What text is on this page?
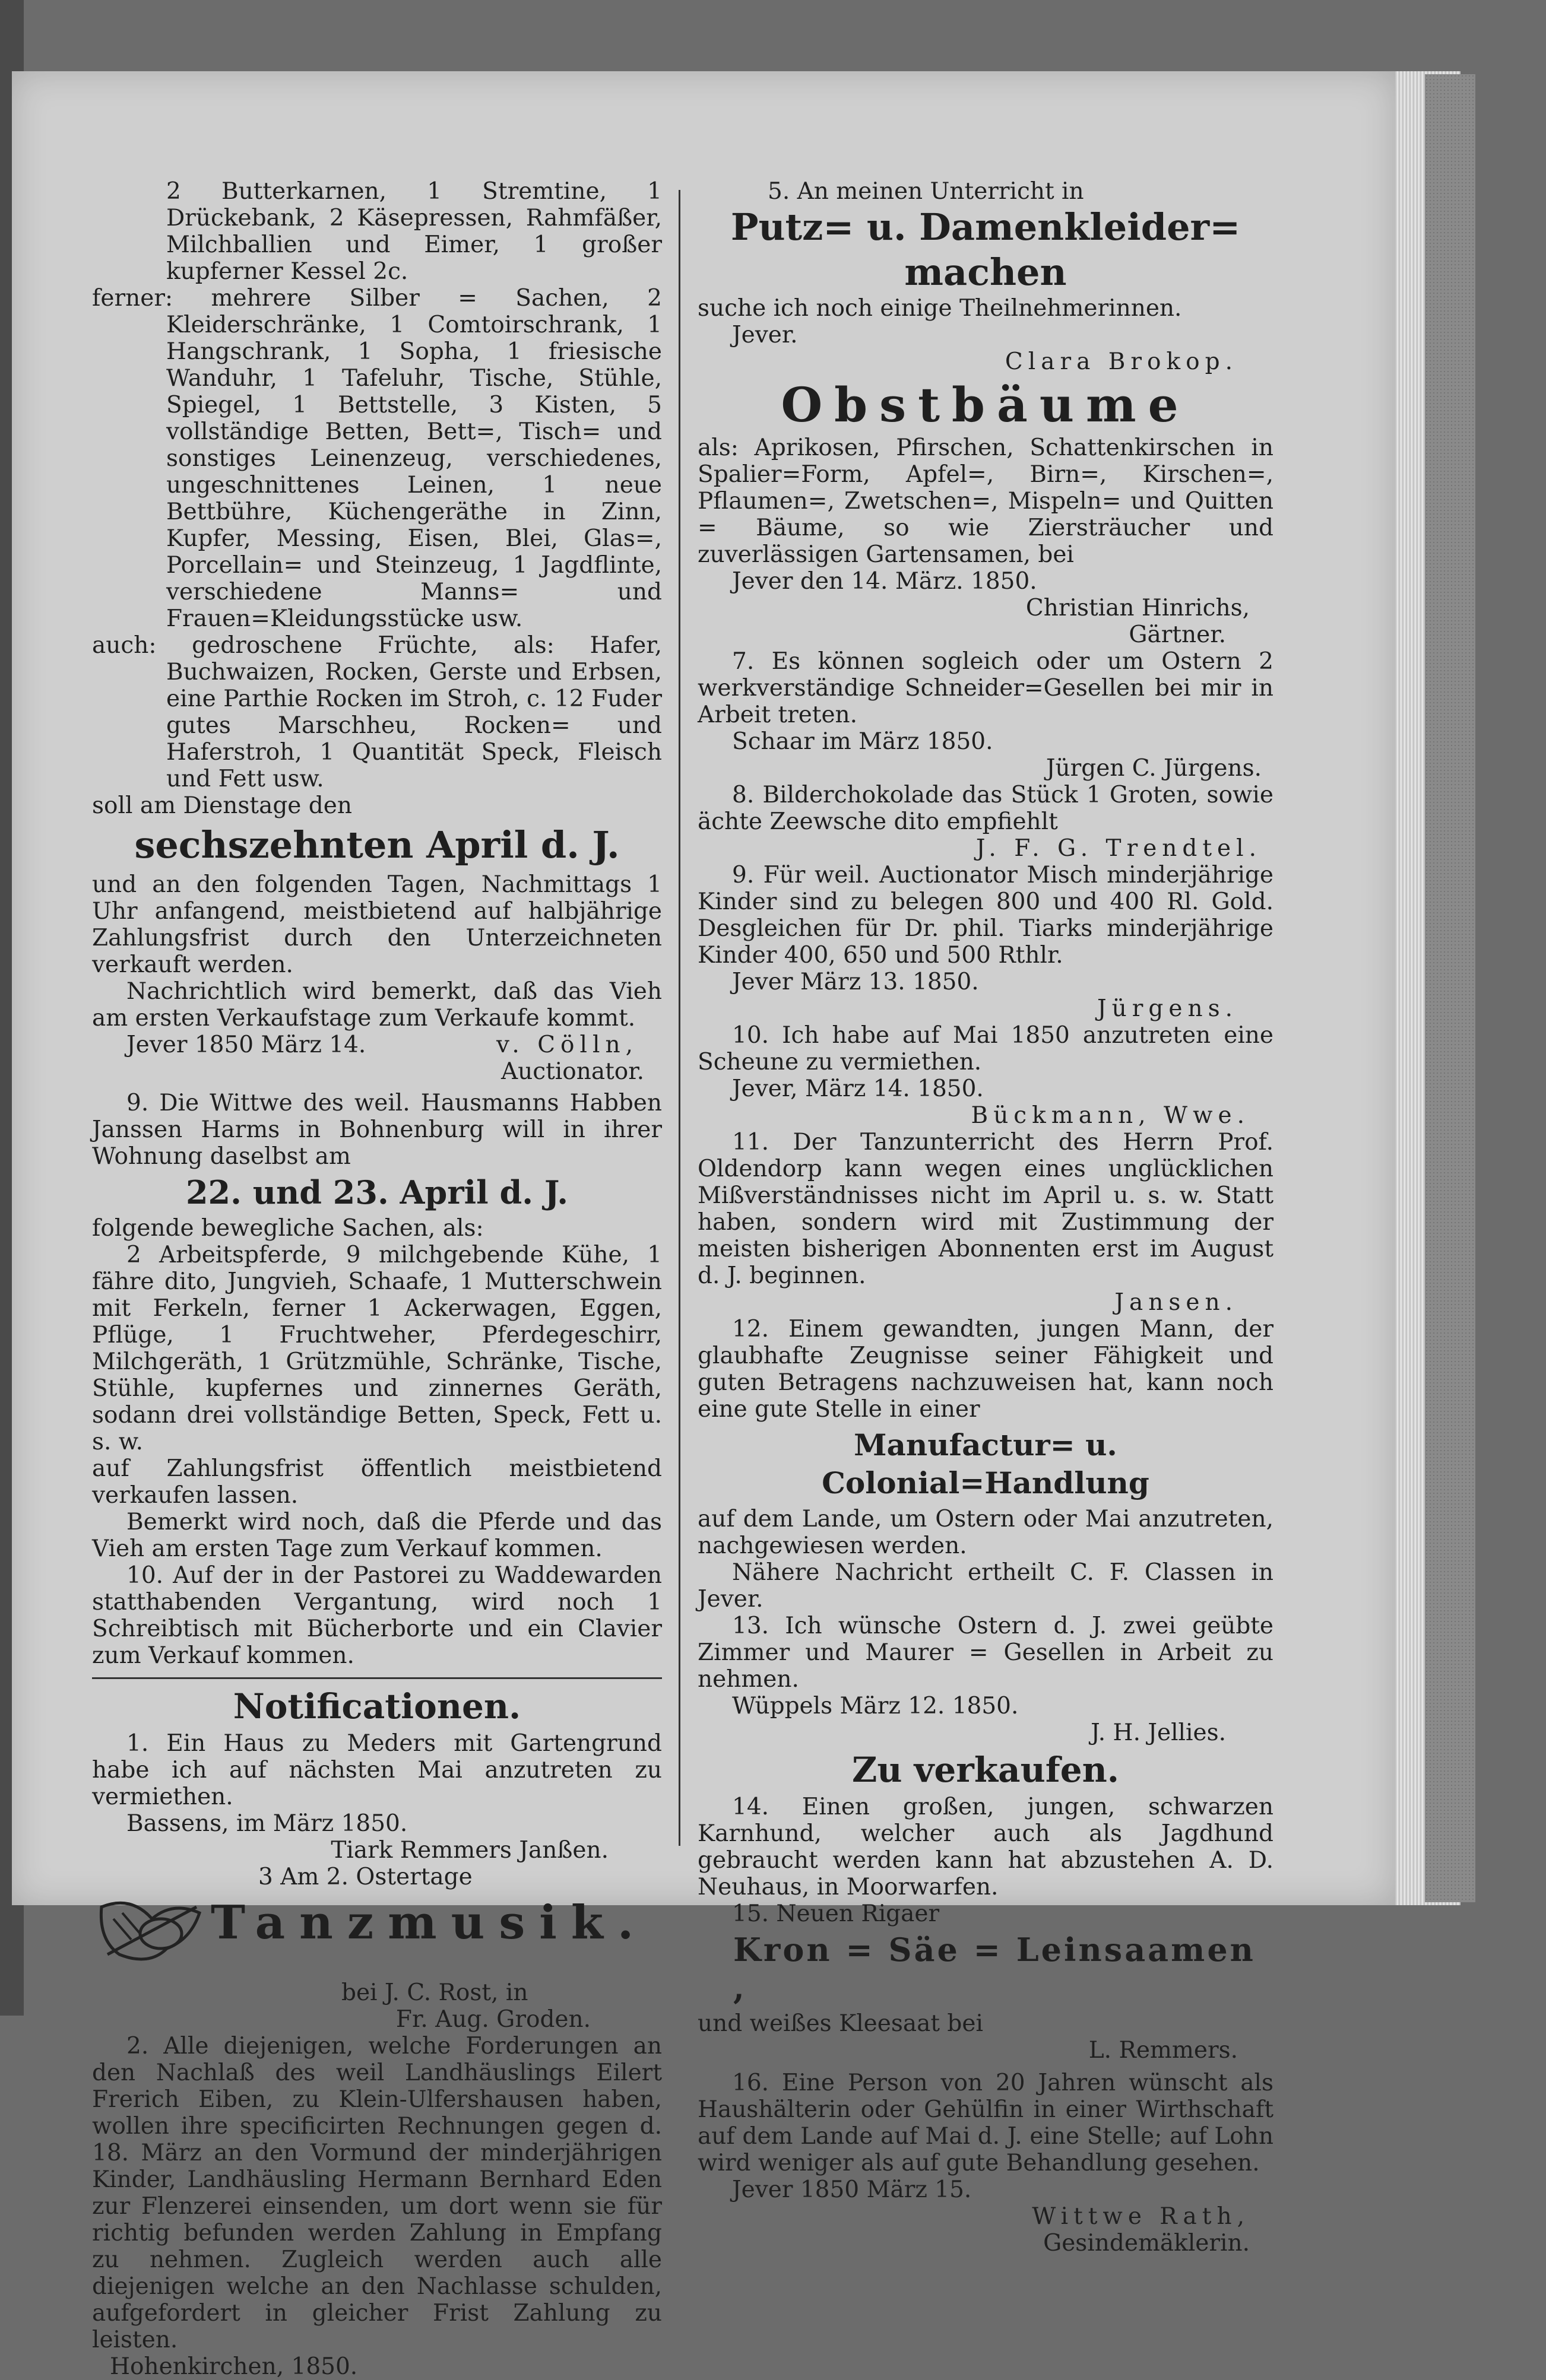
2 Butterkarnen, 1 Stremtine, 1 Drückebank, 2 Käsepressen, Rahmfäßer, Milchballien und Eimer, 1 großer kupferner Kessel 2c.

ferner: mehrere Silber = Sachen, 2 Kleiderschränke, 1 Comtoirschrank, 1 Hangschrank, 1 Sopha, 1 friesische Wanduhr, 1 Tafeluhr, Tische, Stühle, Spiegel, 1 Bettstelle, 3 Kisten, 5 vollständige Betten, Bett=, Tisch= und sonstiges Leinenzeug, verschiedenes, ungeschnittenes Leinen, 1 neue Bettbühre, Küchengeräthe in Zinn, Kupfer, Messing, Eisen, Blei, Glas=, Porcellain= und Steinzeug, 1 Jagdflinte, verschiedene Manns= und Frauen=Kleidungsstücke usw.

auch: gedroschene Früchte, als: Hafer, Buchwaizen, Rocken, Gerste und Erbsen, eine Parthie Rocken im Stroh, c. 12 Fuder gutes Marschheu, Rocken= und Haferstroh, 1 Quantität Speck, Fleisch und Fett usw.

soll am Dienstage den

sechszehnten April d. J.

und an den folgenden Tagen, Nachmittags 1 Uhr anfangend, meistbietend auf halbjährige Zahlungsfrist durch den Unterzeichneten verkauft werden.

Nachrichtlich wird bemerkt, daß das Vieh am ersten Verkaufstage zum Verkaufe kommt.

Jever 1850 März 14.	v. Cölln,

Auctionator.

9. Die Wittwe des weil. Hausmanns Habben Janssen Harms in Bohnenburg will in ihrer Wohnung daselbst am

22. und 23. April d. J.

folgende bewegliche Sachen, als:

2 Arbeitspferde, 9 milchgebende Kühe, 1 fähre dito, Jungvieh, Schaafe, 1 Mutterschwein mit Ferkeln, ferner 1 Ackerwagen, Eggen, Pflüge, 1 Fruchtweher, Pferdegeschirr, Milchgeräth, 1 Grützmühle, Schränke, Tische, Stühle, kupfernes und zinnernes Geräth, sodann drei vollständige Betten, Speck, Fett u. s. w.

auf Zahlungsfrist öffentlich meistbietend verkaufen lassen.

Bemerkt wird noch, daß die Pferde und das Vieh am ersten Tage zum Verkauf kommen.

10. Auf der in der Pastorei zu Waddewarden statthabenden Vergantung, wird noch 1 Schreibtisch mit Bücherborte und ein Clavier zum Verkauf kommen.

Notificationen.

1. Ein Haus zu Meders mit Gartengrund habe ich auf nächsten Mai anzutreten zu vermiethen.

Bassens, im März 1850.

Tiark Remmers Janßen.

3 Am 2. Ostertage

Tanzmusik.

bei J. C. Rost, in

Fr. Aug. Groden.

2. Alle diejenigen, welche Forderungen an den Nachlaß des weil Landhäuslings Eilert Frerich Eiben, zu Klein-Ulfershausen haben, wollen ihre specificirten Rechnungen gegen d. 18. März an den Vormund der minderjährigen Kinder, Landhäusling Hermann Bernhard Eden zur Flenzerei einsenden, um dort wenn sie für richtig befunden werden Zahlung in Empfang zu nehmen. Zugleich werden auch alle diejenigen welche an den Nachlasse schulden, aufgefordert in gleicher Frist Zahlung zu leisten.

Hohenkirchen, 1850.

5. An meinen Unterricht in

Putz= u. Damenkleider=
machen

suche ich noch einige Theilnehmerinnen.

Jever.

Clara Brokop.

Obstbäume

als: Aprikosen, Pfirschen, Schattenkirschen in Spalier=Form, Apfel=, Birn=, Kirschen=, Pflaumen=, Zwetschen=, Mispeln= und Quitten = Bäume, so wie Ziersträucher und zuverlässigen Gartensamen, bei

Jever den 14. März. 1850.

Christian Hinrichs,

Gärtner.

7. Es können sogleich oder um Ostern 2 werkverständige Schneider=Gesellen bei mir in Arbeit treten.

Schaar im März 1850.

Jürgen C. Jürgens.

8. Bilderchokolade das Stück 1 Groten, sowie ächte Zeewsche dito empfiehlt

J. F. G. Trendtel.

9. Für weil. Auctionator Misch minderjährige Kinder sind zu belegen 800 und 400 Rl. Gold. Desgleichen für Dr. phil. Tiarks minderjährige Kinder 400, 650 und 500 Rthlr.

Jever März 13. 1850.

Jürgens.

10. Ich habe auf Mai 1850 anzutreten eine Scheune zu vermiethen.

Jever, März 14. 1850.

Bückmann, Wwe.

11. Der Tanzunterricht des Herrn Prof. Oldendorp kann wegen eines unglücklichen Mißverständnisses nicht im April u. s. w. Statt haben, sondern wird mit Zustimmung der meisten bisherigen Abonnenten erst im August d. J. beginnen.

Jansen.

12. Einem gewandten, jungen Mann, der glaubhafte Zeugnisse seiner Fähigkeit und guten Betragens nachzuweisen hat, kann noch eine gute Stelle in einer

Manufactur= u. Colonial=Handlung

auf dem Lande, um Ostern oder Mai anzutreten, nachgewiesen werden.

Nähere Nachricht ertheilt C. F. Classen in Jever.

13. Ich wünsche Ostern d. J. zwei geübte Zimmer und Maurer = Gesellen in Arbeit zu nehmen.

Wüppels März 12. 1850.

J. H. Jellies.

Zu verkaufen.

14. Einen großen, jungen, schwarzen Karnhund, welcher auch als Jagdhund gebraucht werden kann hat abzustehen A. D. Neuhaus, in Moorwarfen.

15. Neuen Rigaer

Kron = Säe = Leinsaamen ,

und weißes Kleesaat bei

L. Remmers.

16. Eine Person von 20 Jahren wünscht als Haushälterin oder Gehülfin in einer Wirthschaft auf dem Lande auf Mai d. J. eine Stelle; auf Lohn wird weniger als auf gute Behandlung gesehen.

Jever 1850 März 15.

Wittwe Rath,

Gesindemäklerin.
